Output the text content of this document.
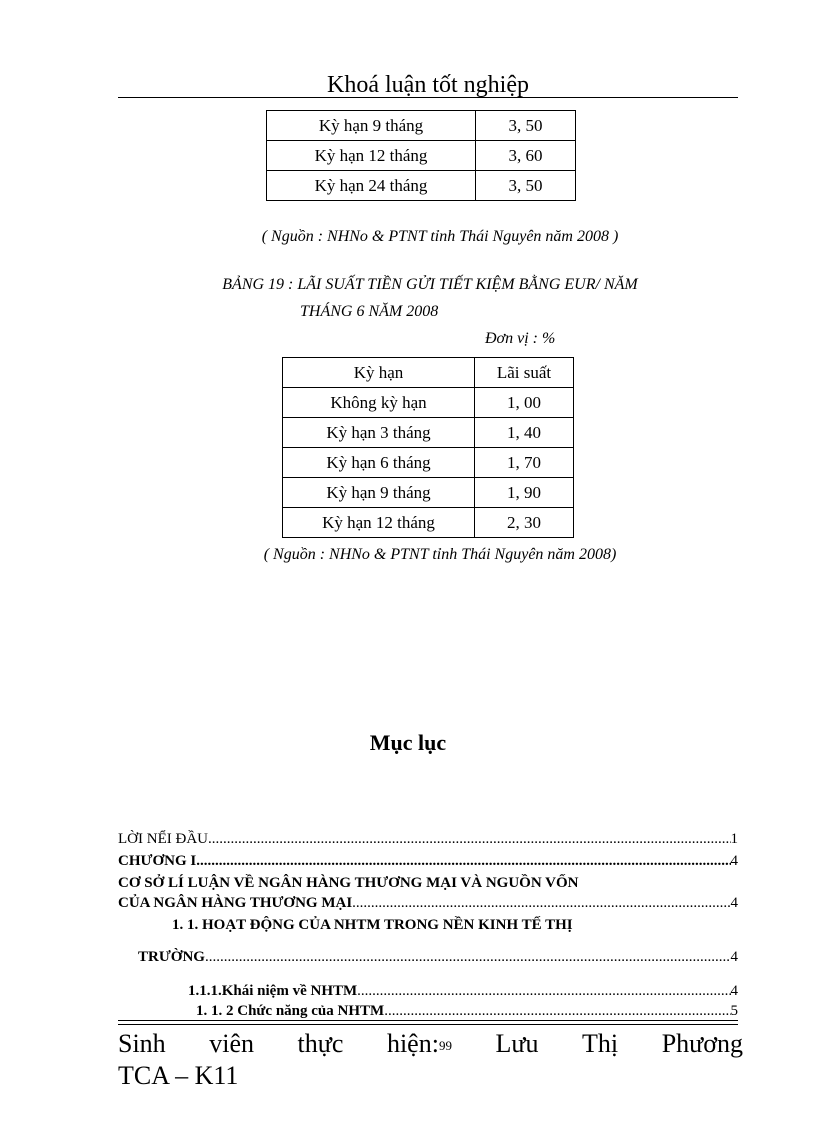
Khoá luận tốt nghiệp
Kỳ hạn 9 tháng	3, 50
Kỳ hạn 12 tháng	3, 60
Kỳ hạn 24 tháng	3, 50
( Nguồn : NHNo & PTNT tỉnh Thái Nguyên năm 2008 )
BẢNG 19 : LÃI SUẤT TIỀN GỬI TIẾT KIỆM BẰNG EUR/ NĂM
THÁNG 6 NĂM 2008
Đơn vị : %
Kỳ hạn	Lãi suất
Không kỳ hạn	1, 00
Kỳ hạn 3 tháng	1, 40
Kỳ hạn 6 tháng	1, 70
Kỳ hạn 9 tháng	1, 90
Kỳ hạn 12 tháng	2, 30
( Nguồn : NHNo & PTNT tỉnh Thái Nguyên năm 2008)
Mục lục
LỜI NỂI ĐẦU .....	1
CHƯƠNG I .....	4
CƠ SỞ LÍ LUẬN VỀ NGÂN HÀNG THƯƠNG MẠI VÀ NGUỒN VỐN
CỦA NGÂN HÀNG THƯƠNG MẠI .....	4
1. 1. HOẠT ĐỘNG CỦA NHTM TRONG NỀN KINH TẾ THỊ
TRƯỜNG .....	4
1.1.1.Khái niệm về NHTM .....	4
1. 1. 2 Chức năng của NHTM .....	5
Sinh viên thực hiện:$^{99}$ Lưu Thị Phương
TCA – K11
